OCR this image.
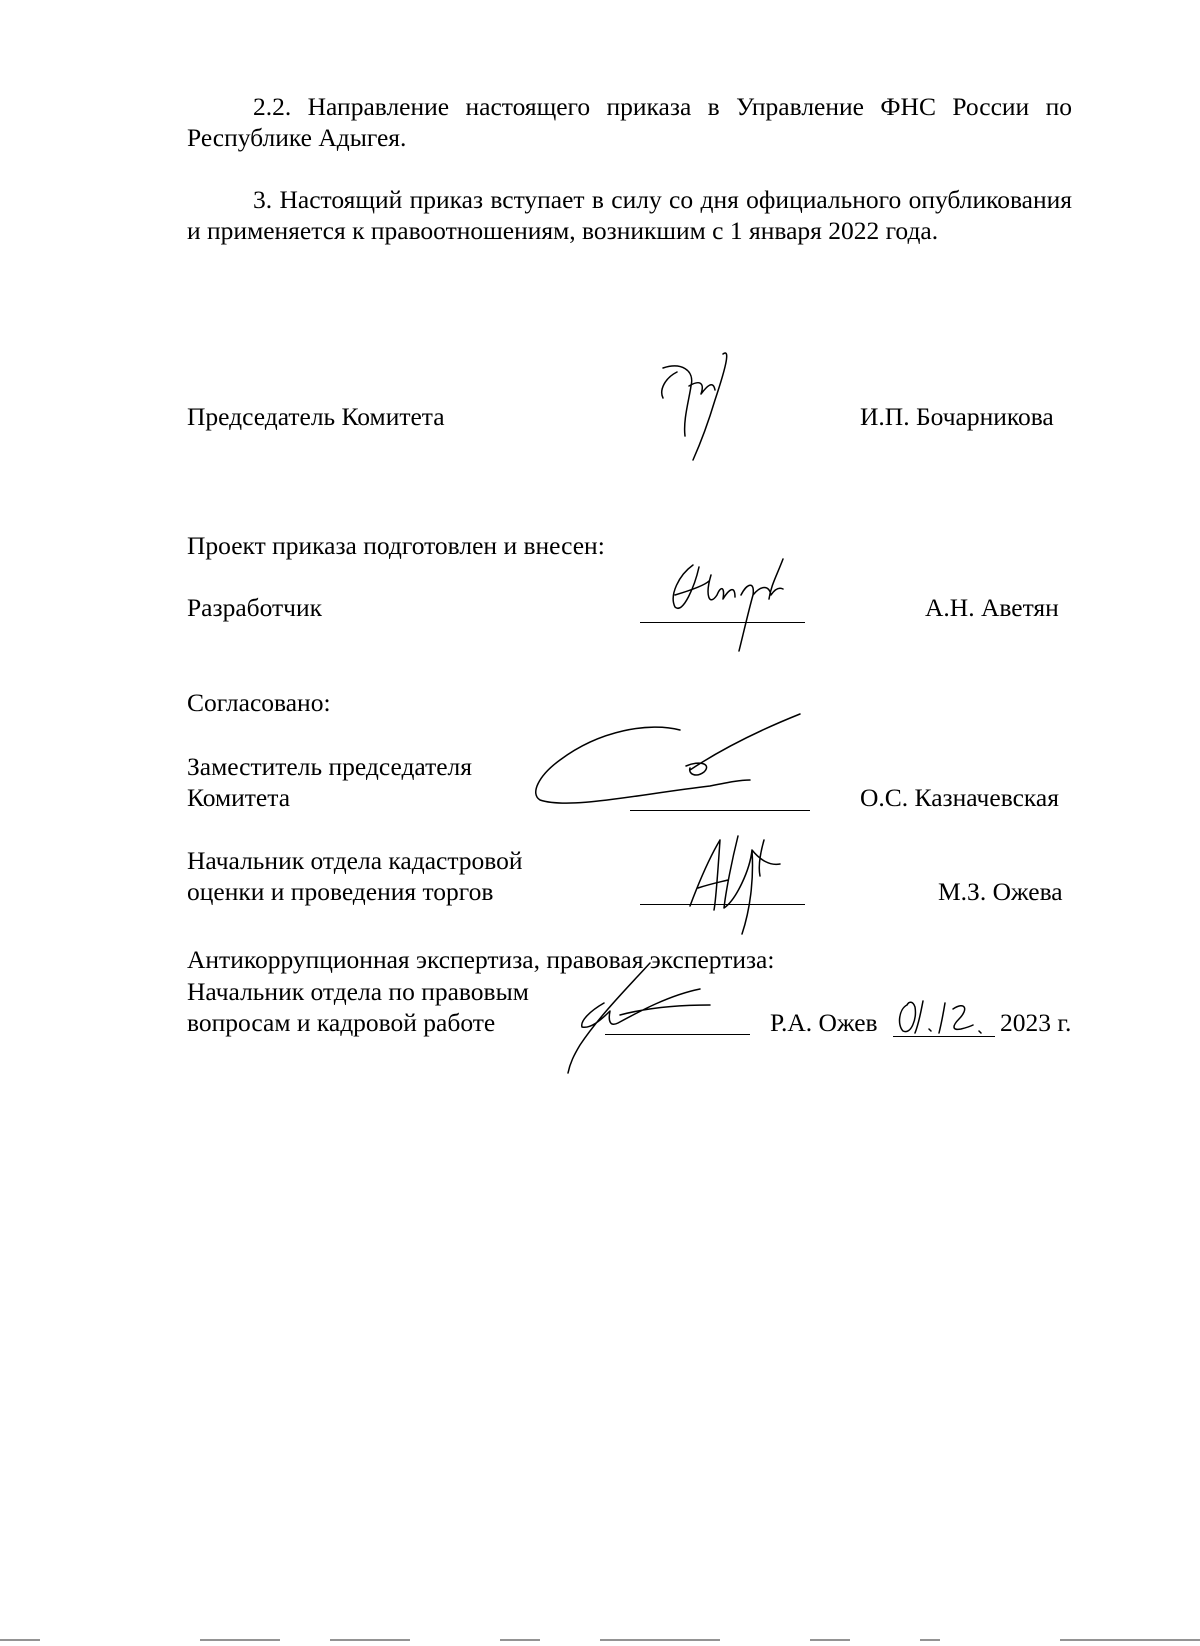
2.2. Направление настоящего приказа в Управление ФНС России по Республике Адыгея.

3. Настоящий приказ вступает в силу со дня официального опубликования и применяется к правоотношениям, возникшим с 1 января 2022 года.

Председатель Комитета	И.П. Бочарникова
Проект приказа подготовлен и внесен:
Разработчик	А.Н. Аветян
Согласовано:
Заместитель председателя
Комитета	О.С. Казначевская
Начальник отдела кадастровой
оценки и проведения торгов	М.З. Ожева
Антикоррупционная экспертиза, правовая экспертиза:
Начальник отдела по правовым
вопросам и кадровой работе	Р.А. Ожев	2023 г.
